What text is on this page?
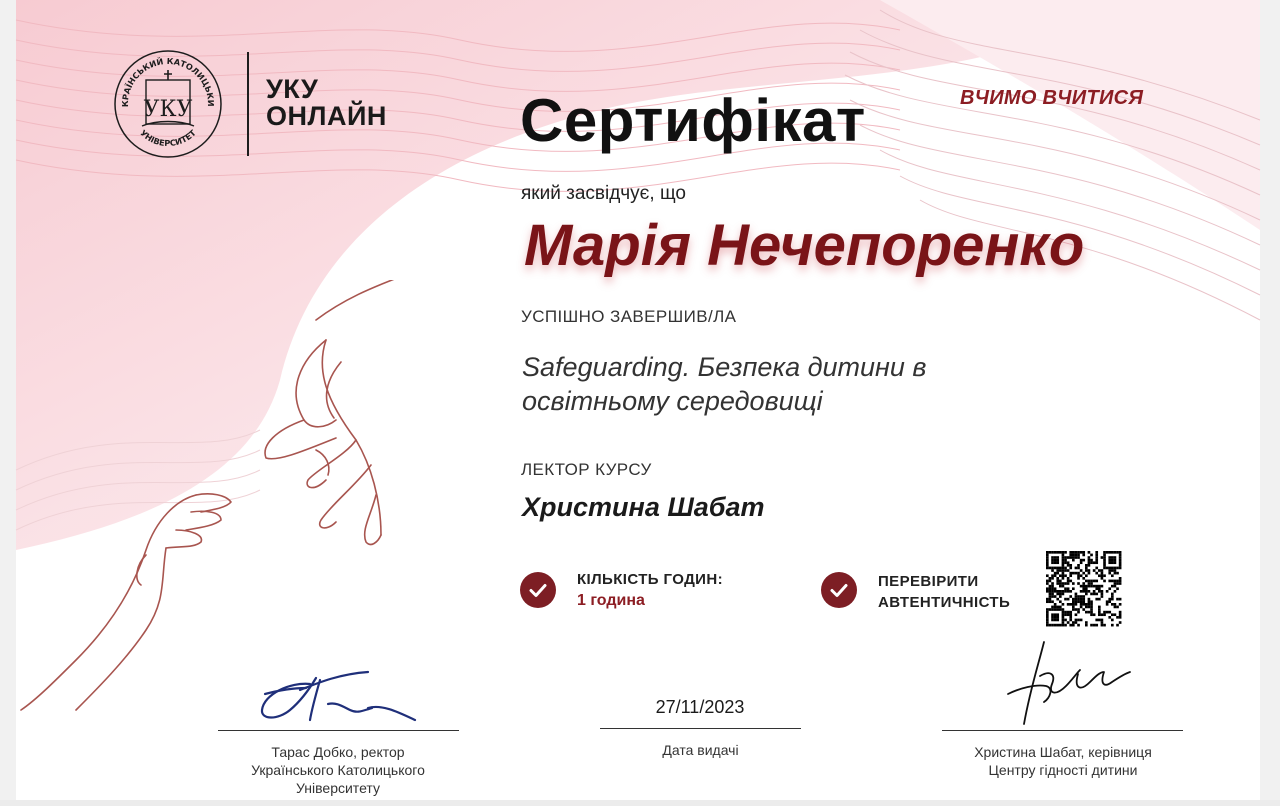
КРАЇНСЬКИЙ КАТОЛИЦЬКИ
УНІВЕРСИТЕТ
УКУ
УКУ
ОНЛАЙН
ВЧИМО ВЧИТИСЯ
Сертифікат
який засвідчує, що
Марія Нечепоренко
УСПІШНО ЗАВЕРШИВ/ЛА
Safeguarding. Безпека дитини в
освітньому середовищі
ЛЕКТОР КУРСУ
Христина Шабат
КІЛЬКІСТЬ ГОДИН:
1 година
ПЕРЕВІРИТИ
АВТЕНТИЧНІСТЬ
Тарас Добко, ректор
Українського Католицького
Університету
27/11/2023
Дата видачі	Христина Шабат, керівниця
Центру гідності дитини
